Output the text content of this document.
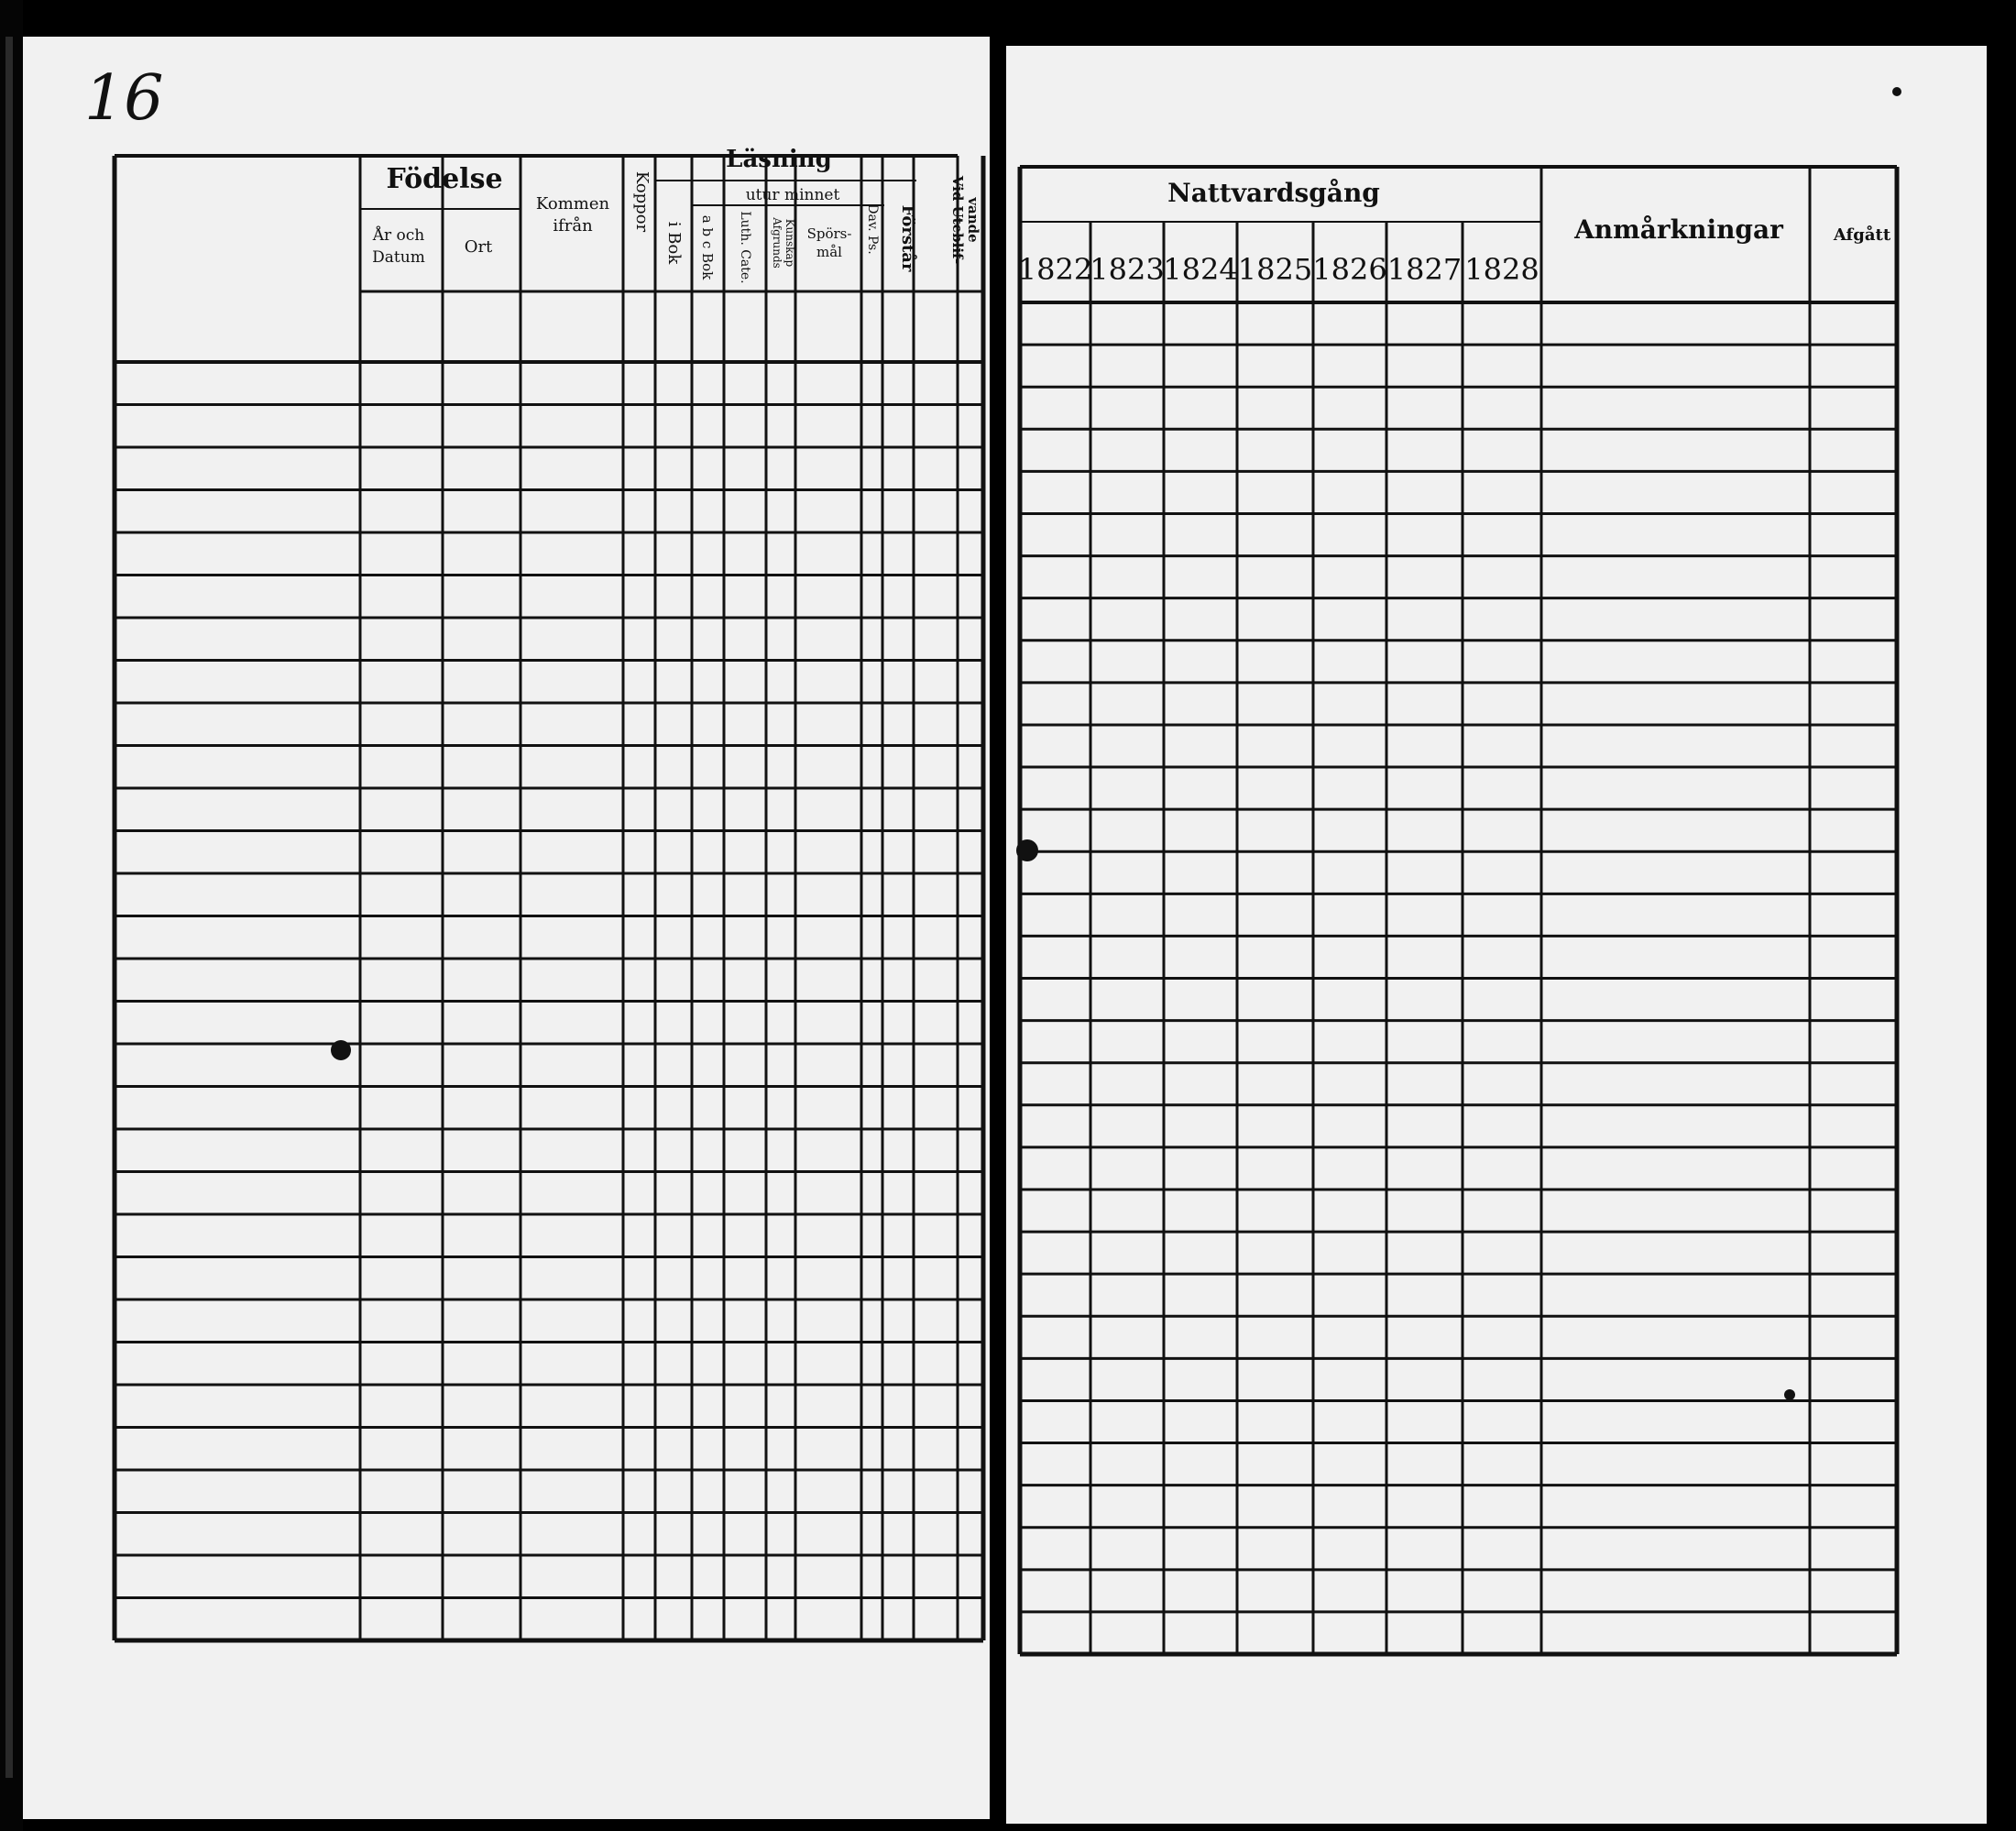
16
Födelse
År och
Datum
Ort
Kommen
ifrån Koppor
Läsning
utur minnet
i Bok a b c Bok Luth. Cate. Afgrunds Kunskap Spörs-
mål Dav. Ps. Förstår Vid Uteblif- vande
Nattvardsgång
1822
1823
1824 1825 1826 1827 1828
Anmårkningar	Afgått
